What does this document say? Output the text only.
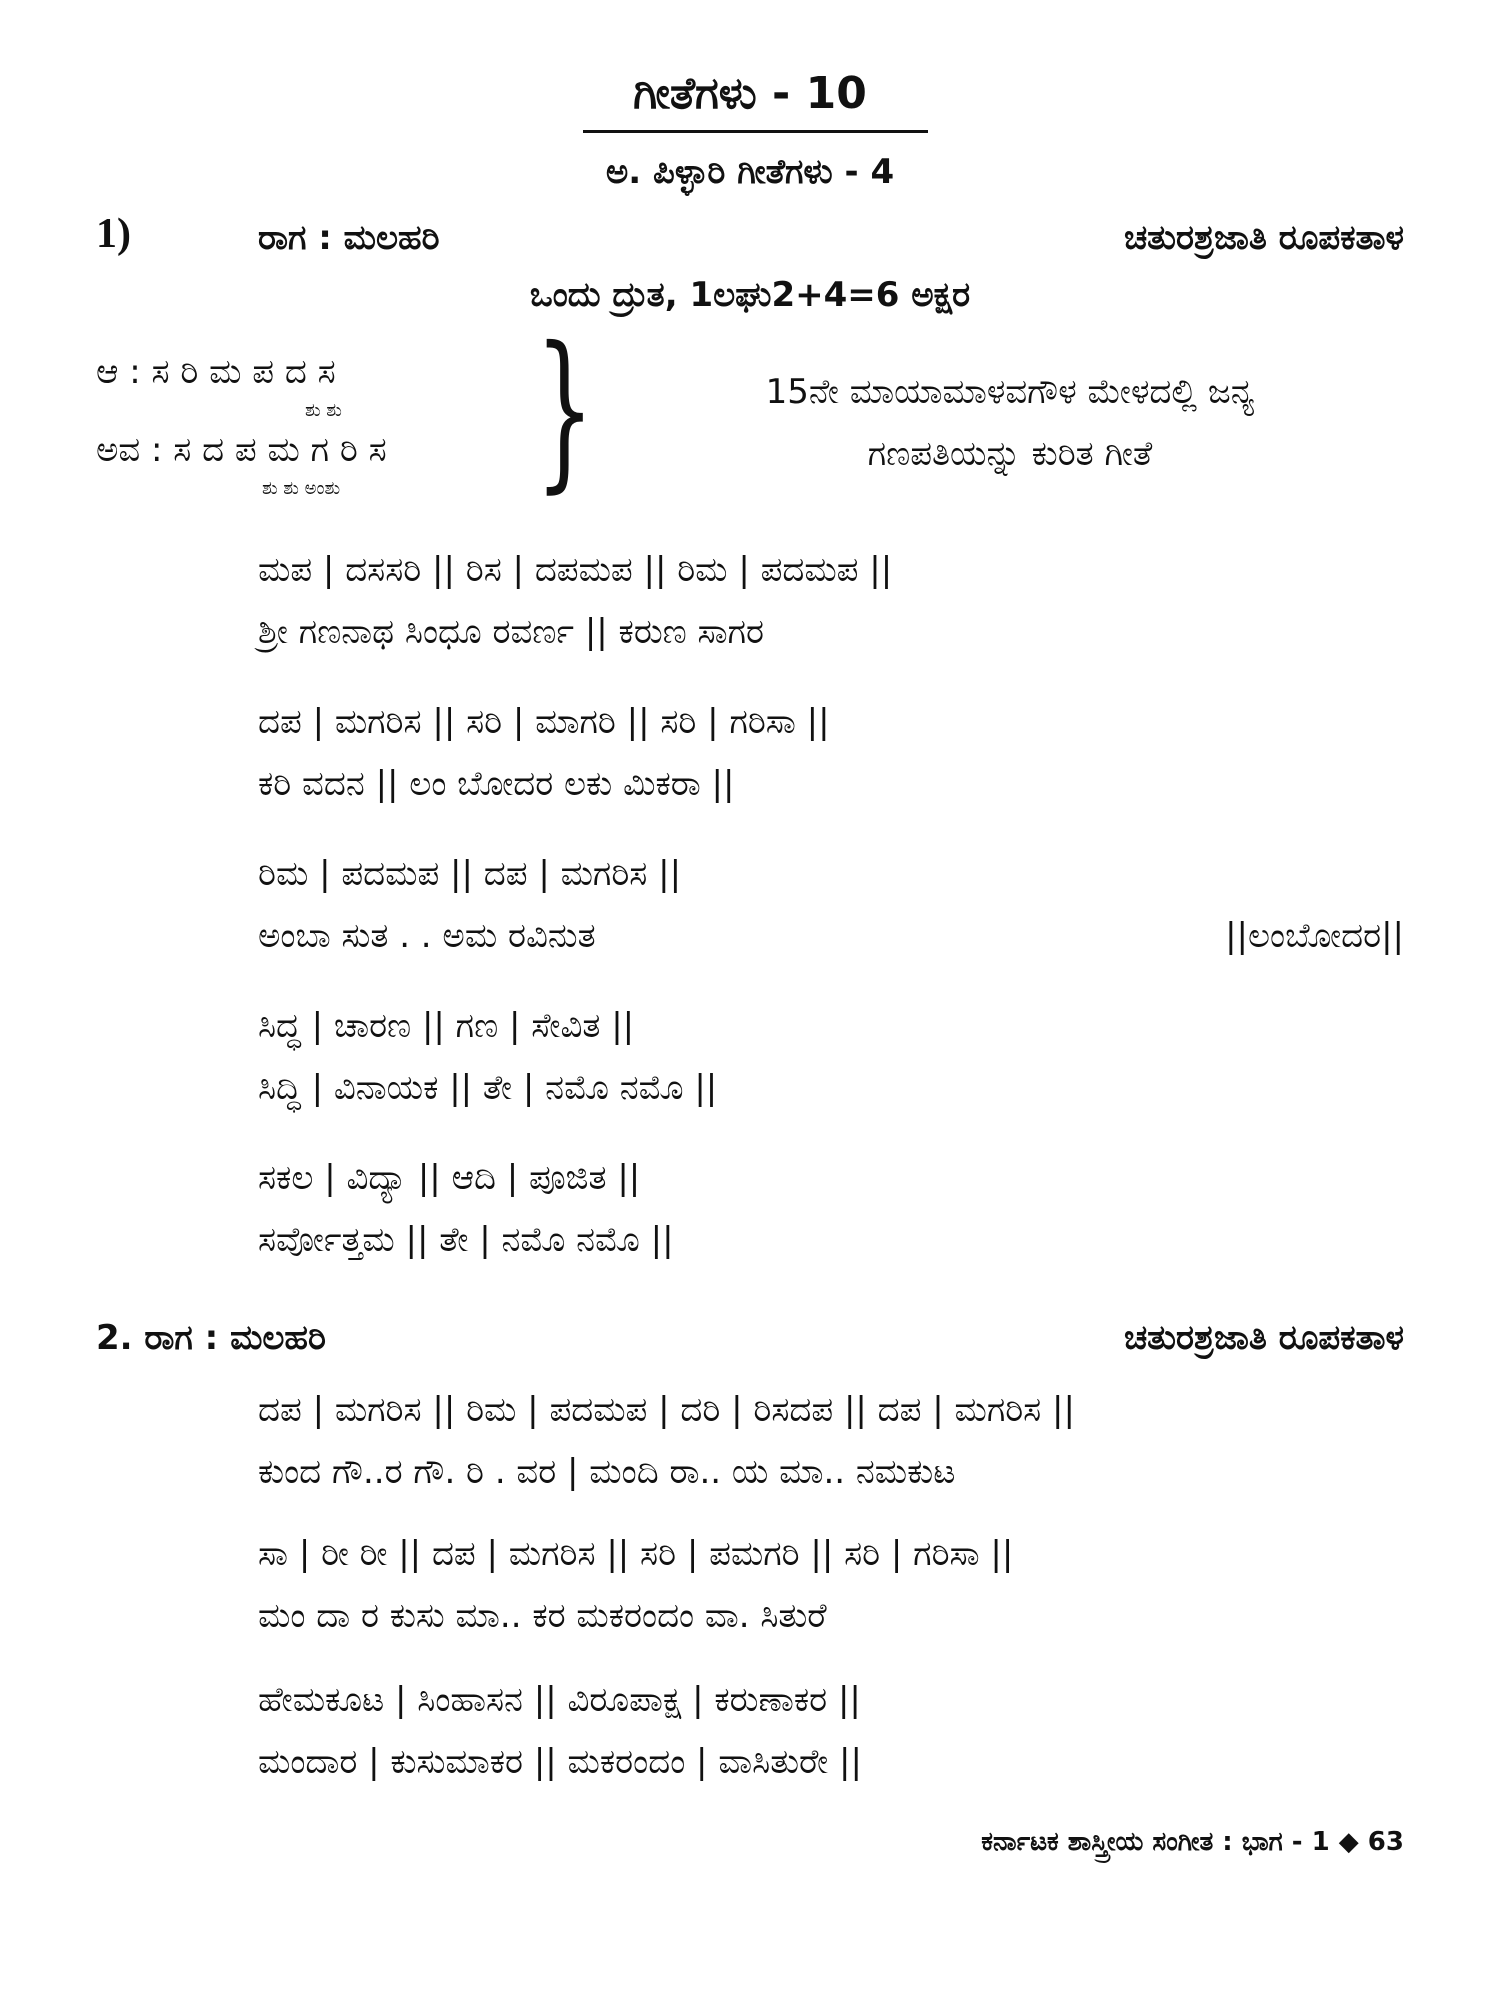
ಗೀತೆಗಳು - 10
ಅ. ಪಿಳ್ಳಾರಿ ಗೀತೆಗಳು - 4
1)	ರಾಗ : ಮಲಹರಿ	ಚತುರಶ್ರಜಾತಿ ರೂಪಕತಾಳ
ಒಂದು ದ್ರುತ, 1ಲಘು2+4=6 ಅಕ್ಷರ
ಆ : ಸ ರಿ ಮ ಪ ದ ಸ
ಶು ಶು
ಅವ : ಸ ದ ಪ ಮ ಗ ರಿ ಸ
ಶು ಶು ಅಂಶು }	15ನೇ ಮಾಯಾಮಾಳವಗೌಳ ಮೇಳದಲ್ಲಿ ಜನ್ಯ
ಗಣಪತಿಯನ್ನು ಕುರಿತ ಗೀತೆ
ಮಪ | ದಸಸರಿ || ರಿಸ | ದಪಮಪ || ರಿಮ | ಪದಮಪ ||
ಶ್ರೀ ಗಣನಾಥ ಸಿಂಧೂ ರವರ್ಣ || ಕರುಣ ಸಾಗರ
ದಪ | ಮಗರಿಸ || ಸರಿ | ಮಾಗರಿ || ಸರಿ | ಗರಿಸಾ ||
ಕರಿ ವದನ || ಲಂ ಬೋದರ ಲಕು ಮಿಕರಾ ||
ರಿಮ | ಪದಮಪ || ದಪ | ಮಗರಿಸ ||
ಅಂಬಾ ಸುತ . . ಅಮ ರವಿನುತ	||ಲಂಬೋದರ||
ಸಿದ್ಧ | ಚಾರಣ || ಗಣ | ಸೇವಿತ ||
ಸಿದ್ಧಿ | ವಿನಾಯಕ || ತೇ | ನಮೊ ನಮೊ ||
ಸಕಲ | ವಿದ್ಯಾ || ಆದಿ | ಪೂಜಿತ ||
ಸರ್ವೋತ್ತಮ || ತೇ | ನಮೊ ನಮೊ ||
2. ರಾಗ : ಮಲಹರಿ	ಚತುರಶ್ರಜಾತಿ ರೂಪಕತಾಳ
ದಪ | ಮಗರಿಸ || ರಿಮ | ಪದಮಪ | ದರಿ | ರಿಸದಪ || ದಪ | ಮಗರಿಸ ||
ಕುಂದ ಗೌ..ರ ಗೌ. ರಿ . ವರ | ಮಂದಿ ರಾ.. ಯ ಮಾ.. ನಮಕುಟ
ಸಾ | ರೀ ರೀ || ದಪ | ಮಗರಿಸ || ಸರಿ | ಪಮಗರಿ || ಸರಿ | ಗರಿಸಾ ||
ಮಂ ದಾ ರ ಕುಸು ಮಾ.. ಕರ ಮಕರಂದಂ ವಾ. ಸಿತುರೆ
ಹೇಮಕೂಟ | ಸಿಂಹಾಸನ || ವಿರೂಪಾಕ್ಷ | ಕರುಣಾಕರ ||
ಮಂದಾರ | ಕುಸುಮಾಕರ || ಮಕರಂದಂ | ವಾಸಿತುರೇ ||
ಕರ್ನಾಟಕ ಶಾಸ್ತ್ರೀಯ ಸಂಗೀತ : ಭಾಗ - 1 ◆ 63
